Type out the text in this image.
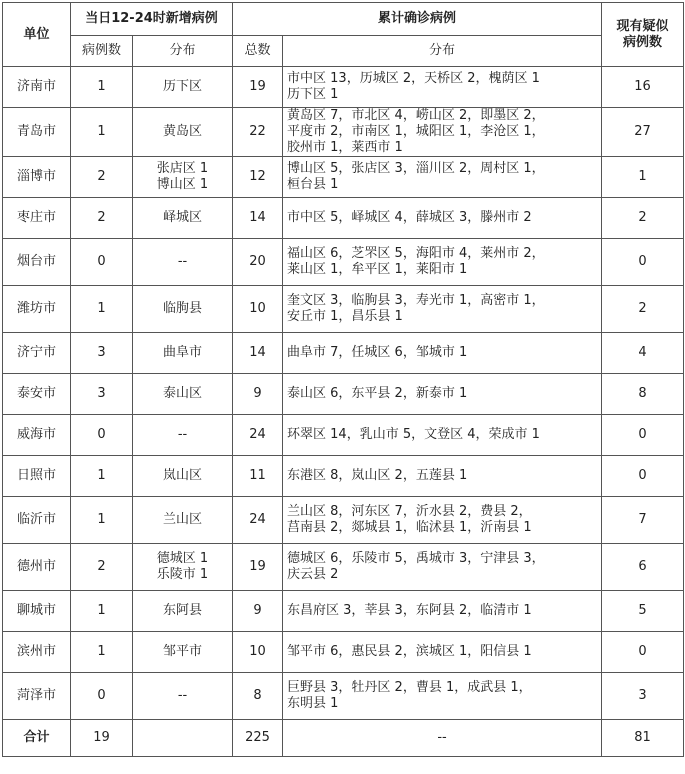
单位	当日12-24时新增病例		累计确诊病例		现有疑似
病例数
	病例数	分布	总数	分布	
济南市	1	历下区	19	市中区 13，历城区 2，天桥区 2，槐荫区 1
历下区 1	16
青岛市	1	黄岛区	22	黄岛区 7，市北区 4，崂山区 2，即墨区 2，
平度市 2，市南区 1，城阳区 1，李沧区 1，
胶州市 1，莱西市 1	27
淄博市	2	张店区 1
博山区 1	12	博山区 5，张店区 3，淄川区 2，周村区 1，
桓台县 1	1
枣庄市	2	峄城区	14	市中区 5，峄城区 4，薛城区 3，滕州市 2	2
烟台市	0	--	20	福山区 6，芝罘区 5，海阳市 4，莱州市 2，
莱山区 1，牟平区 1，莱阳市 1	0
潍坊市	1	临朐县	10	奎文区 3，临朐县 3，寿光市 1，高密市 1，
安丘市 1，昌乐县 1	2
济宁市	3	曲阜市	14	曲阜市 7，任城区 6，邹城市 1	4
泰安市	3	泰山区	9	泰山区 6，东平县 2，新泰市 1	8
威海市	0	--	24	环翠区 14，乳山市 5，文登区 4，荣成市 1	0
日照市	1	岚山区	11	东港区 8，岚山区 2，五莲县 1	0
临沂市	1	兰山区	24	兰山区 8，河东区 7，沂水县 2，费县 2，
莒南县 2，郯城县 1，临沭县 1，沂南县 1	7
德州市	2	德城区 1
乐陵市 1	19	德城区 6，乐陵市 5，禹城市 3，宁津县 3，
庆云县 2	6
聊城市	1	东阿县	9	东昌府区 3，莘县 3，东阿县 2，临清市 1	5
滨州市	1	邹平市	10	邹平市 6，惠民县 2，滨城区 1，阳信县 1	0
菏泽市	0	--	8	巨野县 3，牡丹区 2，曹县 1，成武县 1，
东明县 1	3
合计	19		225	--	81
